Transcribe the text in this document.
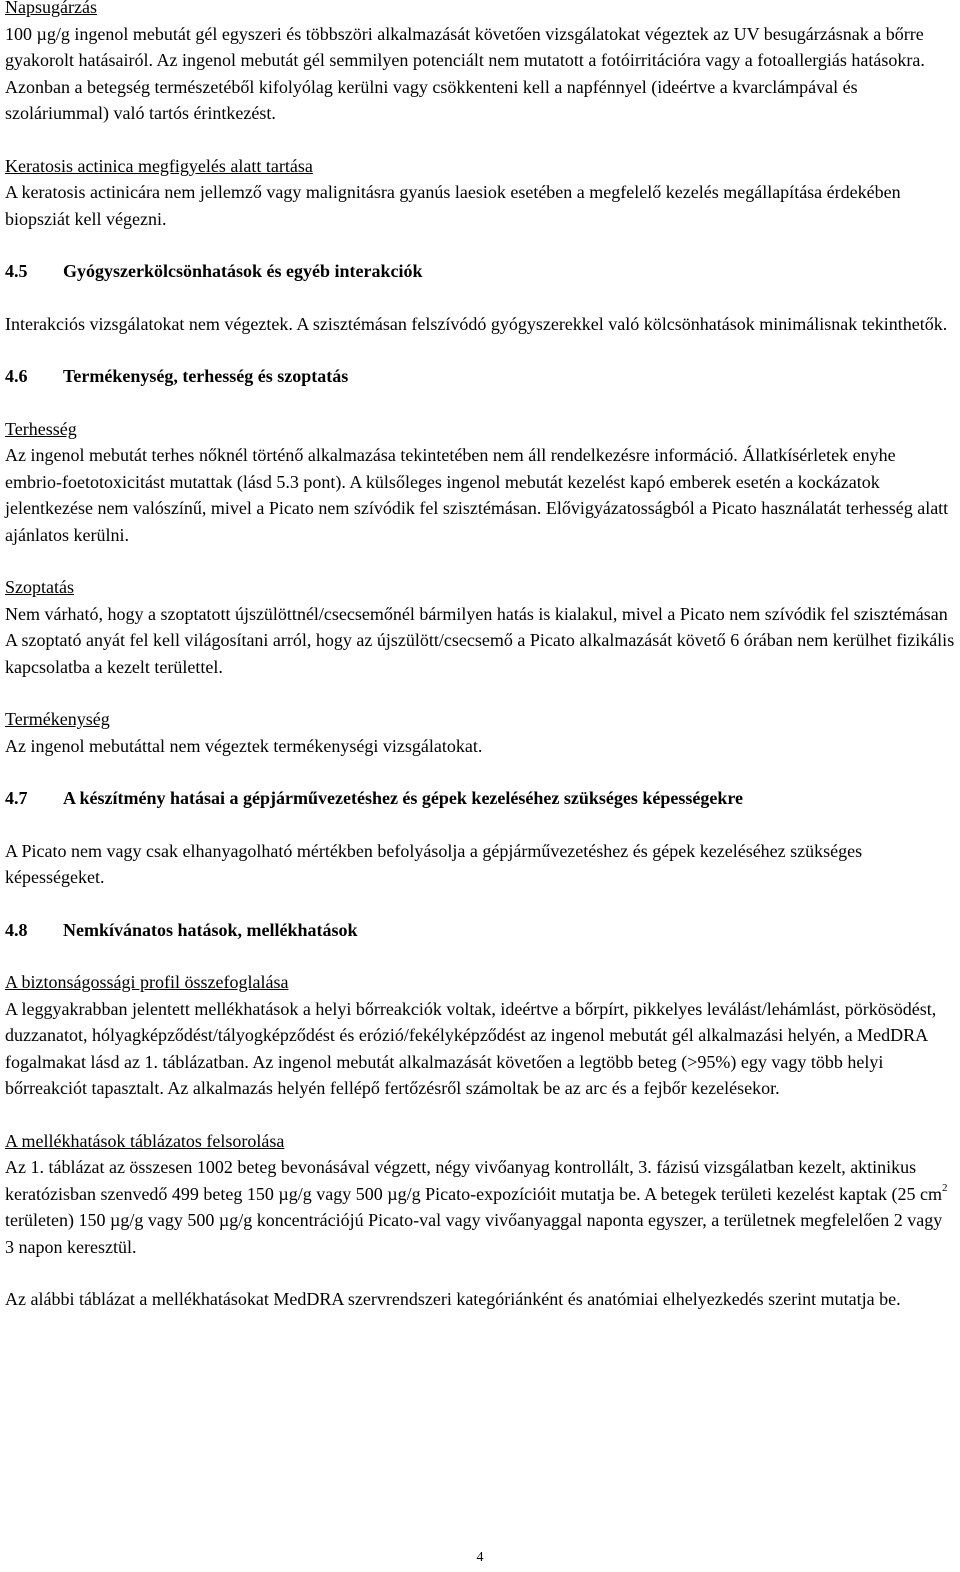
Napsugárzás

100 µg/g ingenol mebutát gél egyszeri és többszöri alkalmazását követően vizsgálatokat végeztek az UV besugárzásnak a bőrre gyakorolt hatásairól. Az ingenol mebutát gél semmilyen potenciált nem mutatott a fotóirritációra vagy a fotoallergiás hatásokra. Azonban a betegség természetéből kifolyólag kerülni vagy csökkenteni kell a napfénnyel (ideértve a kvarclámpával és szoláriummal) való tartós érintkezést.

Keratosis actinica megfigyelés alatt tartása

A keratosis actinicára nem jellemző vagy malignitásra gyanús laesiok esetében a megfelelő kezelés megállapítása érdekében biopsziát kell végezni.

4.5 Gyógyszerkölcsönhatások és egyéb interakciók

Interakciós vizsgálatokat nem végeztek. A szisztémásan felszívódó gyógyszerekkel való kölcsönhatások minimálisnak tekinthetők.

4.6 Termékenység, terhesség és szoptatás

Terhesség

Az ingenol mebutát terhes nőknél történő alkalmazása tekintetében nem áll rendelkezésre információ. Állatkísérletek enyhe embrio-foetotoxicitást mutattak (lásd 5.3 pont). A külsőleges ingenol mebutát kezelést kapó emberek esetén a kockázatok jelentkezése nem valószínű, mivel a Picato nem szívódik fel szisztémásan. Elővigyázatosságból a Picato használatát terhesség alatt ajánlatos kerülni.

Szoptatás

Nem várható, hogy a szoptatott újszülöttnél/csecsemőnél bármilyen hatás is kialakul, mivel a Picato nem szívódik fel szisztémásan A szoptató anyát fel kell világosítani arról, hogy az újszülött/csecsemő a Picato alkalmazását követő 6 órában nem kerülhet fizikális kapcsolatba a kezelt területtel.

Termékenység

Az ingenol mebutáttal nem végeztek termékenységi vizsgálatokat.

4.7 A készítmény hatásai a gépjárművezetéshez és gépek kezeléséhez szükséges képességekre

A Picato nem vagy csak elhanyagolható mértékben befolyásolja a gépjárművezetéshez és gépek kezeléséhez szükséges képességeket.

4.8 Nemkívánatos hatások, mellékhatások

A biztonságossági profil összefoglalása

A leggyakrabban jelentett mellékhatások a helyi bőrreakciók voltak, ideértve a bőrpírt, pikkelyes leválást/lehámlást, pörkösödést, duzzanatot, hólyagképződést/tályogképződést és erózió/fekélyképződést az ingenol mebutát gél alkalmazási helyén, a MedDRA fogalmakat lásd az 1. táblázatban. Az ingenol mebutát alkalmazását követően a legtöbb beteg (>95%) egy vagy több helyi bőrreakciót tapasztalt. Az alkalmazás helyén fellépő fertőzésről számoltak be az arc és a fejbőr kezelésekor.

A mellékhatások táblázatos felsorolása

Az 1. táblázat az összesen 1002 beteg bevonásával végzett, négy vivőanyag kontrollált, 3. fázisú vizsgálatban kezelt, aktinikus keratózisban szenvedő 499 beteg 150 µg/g vagy 500 µg/g Picato-expozícióit mutatja be. A betegek területi kezelést kaptak (25 $cm^2$ területen) 150 µg/g vagy 500 µg/g koncentrációjú Picato-val vagy vivőanyaggal naponta egyszer, a területnek megfelelően 2 vagy 3 napon keresztül.

Az alábbi táblázat a mellékhatásokat MedDRA szervrendszeri kategóriánként és anatómiai elhelyezkedés szerint mutatja be.

4
